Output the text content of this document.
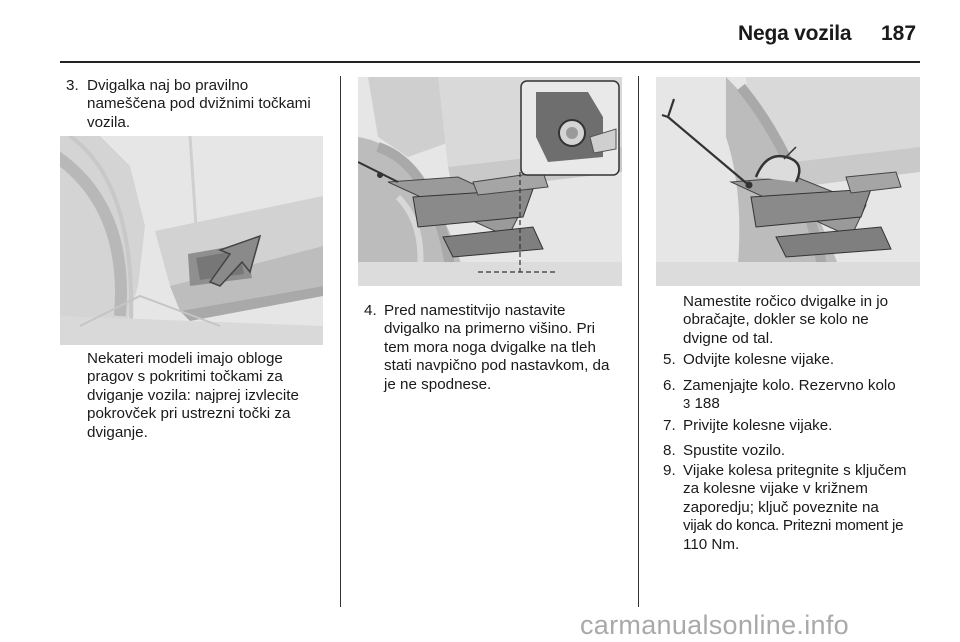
Nega vozila 187
3. Dvigalka naj bo pravilno
nameščena pod dvižnimi točkami
vozila.
Nekateri modeli imajo obloge
pragov s pokritimi točkami za
dviganje vozila: najprej izvlecite
pokrovček pri ustrezni točki za
dviganje.
4. Pred namestitvijo nastavite
dvigalko na primerno višino. Pri
tem mora noga dvigalke na tleh
stati navpično pod nastavkom, da
je ne spodnese.
Namestite ročico dvigalke in jo
obračajte, dokler se kolo ne
dvigne od tal.
5. Odvijte kolesne vijake.
6. Zamenjajte kolo. Rezervno kolo
3 188
7. Privijte kolesne vijake.
8. Spustite vozilo.
9. Vijake kolesa pritegnite s ključem
za kolesne vijake v križnem
zaporedju; ključ poveznite na
vijak do konca. Pritezni moment je
110 Nm.
carmanualsonline.info
